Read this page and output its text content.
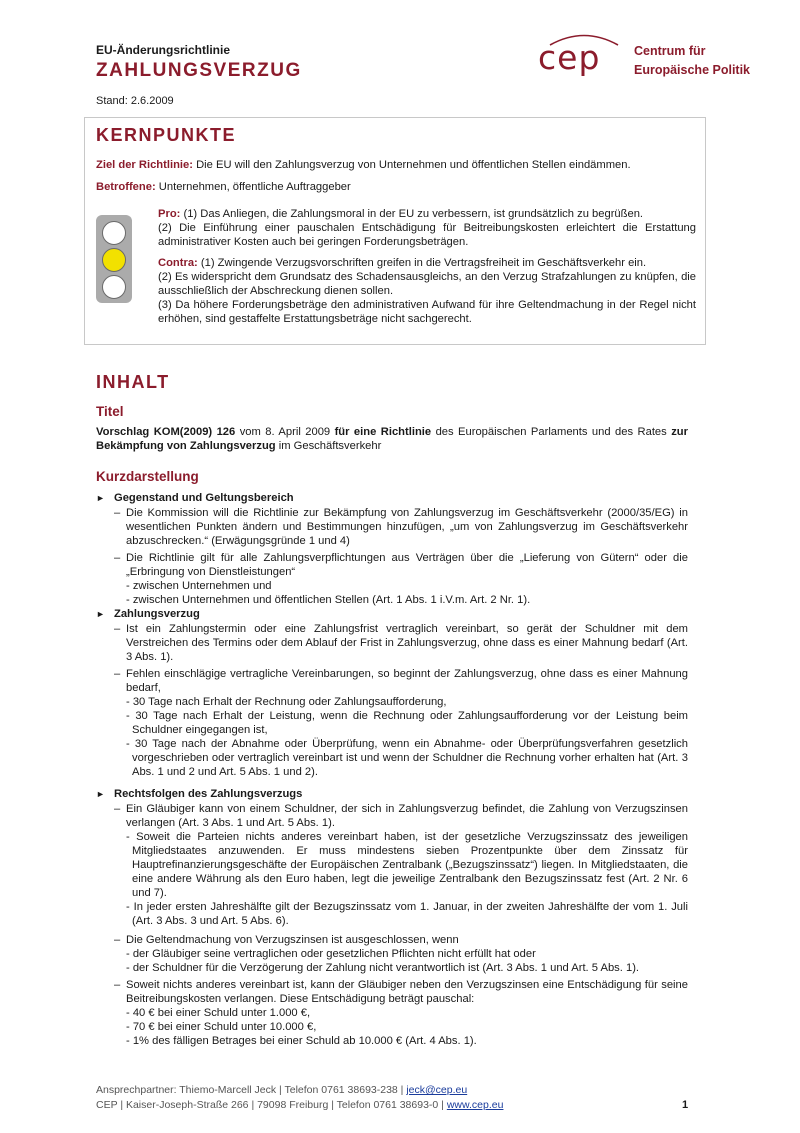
EU-Änderungsrichtlinie
ZAHLUNGSVERZUG
Stand: 2.6.2009
cep	Centrum für
Europäische Politik
KERNPUNKTE
Ziel der Richtlinie: Die EU will den Zahlungsverzug von Unternehmen und öffentlichen Stellen eindämmen.
Betroffene: Unternehmen, öffentliche Auftraggeber
Pro: (1) Das Anliegen, die Zahlungsmoral in der EU zu verbessern, ist grundsätzlich zu begrüßen.
(2) Die Einführung einer pauschalen Entschädigung für Beitreibungskosten erleichtert die Erstattung administrativer Kosten auch bei geringen Forderungsbeträgen.
Contra: (1) Zwingende Verzugsvorschriften greifen in die Vertragsfreiheit im Geschäftsverkehr ein.
(2) Es widerspricht dem Grundsatz des Schadensausgleichs, an den Verzug Strafzahlungen zu knüpfen, die ausschließlich der Abschreckung dienen sollen.
(3) Da höhere Forderungsbeträge den administrativen Aufwand für ihre Geltendmachung in der Regel nicht erhöhen, sind gestaffelte Erstattungsbeträge nicht sachgerecht.
INHALT
Titel
Vorschlag KOM(2009) 126 vom 8. April 2009 für eine Richtlinie des Europäischen Parlaments und des Rates zur Bekämpfung von Zahlungsverzug im Geschäftsverkehr
Kurzdarstellung
► Gegenstand und Geltungsbereich
– Die Kommission will die Richtlinie zur Bekämpfung von Zahlungsverzug im Geschäftsverkehr (2000/35/EG) in wesentlichen Punkten ändern und Bestimmungen hinzufügen, „um von Zahlungsverzug im Geschäftsverkehr abzuschrecken.“ (Erwägungsgründe 1 und 4)
– Die Richtlinie gilt für alle Zahlungsverpflichtungen aus Verträgen über die „Lieferung von Gütern“ oder die „Erbringung von Dienstleistungen“
- zwischen Unternehmen und
- zwischen Unternehmen und öffentlichen Stellen (Art. 1 Abs. 1 i.V.m. Art. 2 Nr. 1).
► Zahlungsverzug
– Ist ein Zahlungstermin oder eine Zahlungsfrist vertraglich vereinbart, so gerät der Schuldner mit dem Verstreichen des Termins oder dem Ablauf der Frist in Zahlungsverzug, ohne dass es einer Mahnung bedarf (Art. 3 Abs. 1).
– Fehlen einschlägige vertragliche Vereinbarungen, so beginnt der Zahlungsverzug, ohne dass es einer Mahnung bedarf,
- 30 Tage nach Erhalt der Rechnung oder Zahlungsaufforderung,
- 30 Tage nach Erhalt der Leistung, wenn die Rechnung oder Zahlungsaufforderung vor der Leistung beim Schuldner eingegangen ist,
- 30 Tage nach der Abnahme oder Überprüfung, wenn ein Abnahme- oder Überprüfungsverfahren gesetzlich vorgeschrieben oder vertraglich vereinbart ist und wenn der Schuldner die Rechnung vorher erhalten hat (Art. 3 Abs. 1 und 2 und Art. 5 Abs. 1 und 2).
► Rechtsfolgen des Zahlungsverzugs
– Ein Gläubiger kann von einem Schuldner, der sich in Zahlungsverzug befindet, die Zahlung von Verzugszinsen verlangen (Art. 3 Abs. 1 und Art. 5 Abs. 1).
- Soweit die Parteien nichts anderes vereinbart haben, ist der gesetzliche Verzugszinssatz des jeweiligen Mitgliedstaates anzuwenden. Er muss mindestens sieben Prozentpunkte über dem Zinssatz für Hauptrefinanzierungsgeschäfte der Europäischen Zentralbank („Bezugszinssatz“) liegen. In Mitgliedstaaten, die eine andere Währung als den Euro haben, legt die jeweilige Zentralbank den Bezugszinssatz fest (Art. 2 Nr. 6 und 7).
- In jeder ersten Jahreshälfte gilt der Bezugszinssatz vom 1. Januar, in der zweiten Jahreshälfte der vom 1. Juli (Art. 3 Abs. 3 und Art. 5 Abs. 6).
– Die Geltendmachung von Verzugszinsen ist ausgeschlossen, wenn
- der Gläubiger seine vertraglichen oder gesetzlichen Pflichten nicht erfüllt hat oder
- der Schuldner für die Verzögerung der Zahlung nicht verantwortlich ist (Art. 3 Abs. 1 und Art. 5 Abs. 1).
– Soweit nichts anderes vereinbart ist, kann der Gläubiger neben den Verzugszinsen eine Entschädigung für seine Beitreibungskosten verlangen. Diese Entschädigung beträgt pauschal:
- 40 € bei einer Schuld unter 1.000 €,
- 70 € bei einer Schuld unter 10.000 €,
- 1% des fälligen Betrages bei einer Schuld ab 10.000 € (Art. 4 Abs. 1).
Ansprechpartner: Thiemo-Marcell Jeck | Telefon 0761 38693-238 | jeck@cep.eu
CEP | Kaiser-Joseph-Straße 266 | 79098 Freiburg | Telefon 0761 38693-0 | www.cep.eu	1
